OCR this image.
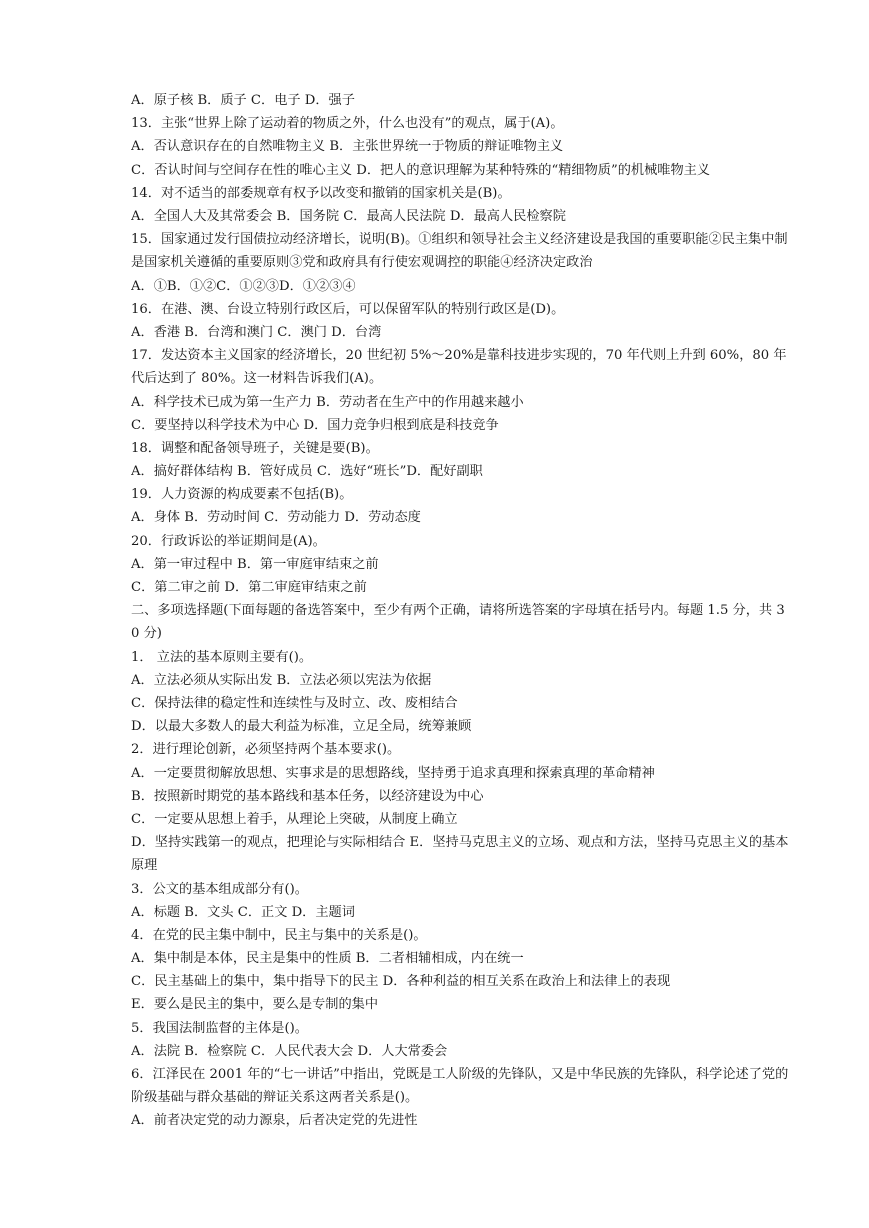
A．原子核 B．质子 C．电子 D．强子
13．主张“世界上除了运动着的物质之外，什么也没有”的观点，属于(A)。
A．否认意识存在的自然唯物主义 B．主张世界统一于物质的辩证唯物主义
C．否认时间与空间存在性的唯心主义 D．把人的意识理解为某种特殊的“精细物质”的机械唯物主义
14．对不适当的部委规章有权予以改变和撤销的国家机关是(B)。
A．全国人大及其常委会 B．国务院 C．最高人民法院 D．最高人民检察院
15．国家通过发行国债拉动经济增长，说明(B)。①组织和领导社会主义经济建设是我国的重要职能②民主集中制是国家机关遵循的重要原则③党和政府具有行使宏观调控的职能④经济决定政治
A．①B．①②C．①②③D．①②③④
16．在港、澳、台设立特别行政区后，可以保留军队的特别行政区是(D)。
A．香港 B．台湾和澳门 C．澳门 D．台湾
17．发达资本主义国家的经济增长，20 世纪初 5%～20%是靠科技进步实现的，70 年代则上升到 60%，80 年代后达到了 80%。这一材料告诉我们(A)。
A．科学技术已成为第一生产力 B．劳动者在生产中的作用越来越小
C．要坚持以科学技术为中心 D．国力竞争归根到底是科技竞争
18．调整和配备领导班子，关键是要(B)。
A．搞好群体结构 B．管好成员 C．选好“班长”D．配好副职
19．人力资源的构成要素不包括(B)。
A．身体 B．劳动时间 C．劳动能力 D．劳动态度
20．行政诉讼的举证期间是(A)。
A．第一审过程中 B．第一审庭审结束之前
C．第二审之前 D．第二审庭审结束之前
二、多项选择题(下面每题的备选答案中，至少有两个正确，请将所选答案的字母填在括号内。每题 1.5 分，共 30 分)
1． 立法的基本原则主要有()。
A．立法必须从实际出发 B．立法必须以宪法为依据
C．保持法律的稳定性和连续性与及时立、改、废相结合
D．以最大多数人的最大利益为标准，立足全局，统筹兼顾
2．进行理论创新，必须坚持两个基本要求()。
A．一定要贯彻解放思想、实事求是的思想路线，坚持勇于追求真理和探索真理的革命精神
B．按照新时期党的基本路线和基本任务，以经济建设为中心
C．一定要从思想上着手，从理论上突破，从制度上确立
D．坚持实践第一的观点，把理论与实际相结合 E．坚持马克思主义的立场、观点和方法，坚持马克思主义的基本原理
3．公文的基本组成部分有()。
A．标题 B．文头 C．正文 D．主题词
4．在党的民主集中制中，民主与集中的关系是()。
A．集中制是本体，民主是集中的性质 B．二者相辅相成，内在统一
C．民主基础上的集中，集中指导下的民主 D．各种利益的相互关系在政治上和法律上的表现
E．要么是民主的集中，要么是专制的集中
5．我国法制监督的主体是()。
A．法院 B．检察院 C．人民代表大会 D．人大常委会
6．江泽民在 2001 年的“七一讲话”中指出，党既是工人阶级的先锋队，又是中华民族的先锋队，科学论述了党的阶级基础与群众基础的辩证关系这两者关系是()。
A．前者决定党的动力源泉，后者决定党的先进性
